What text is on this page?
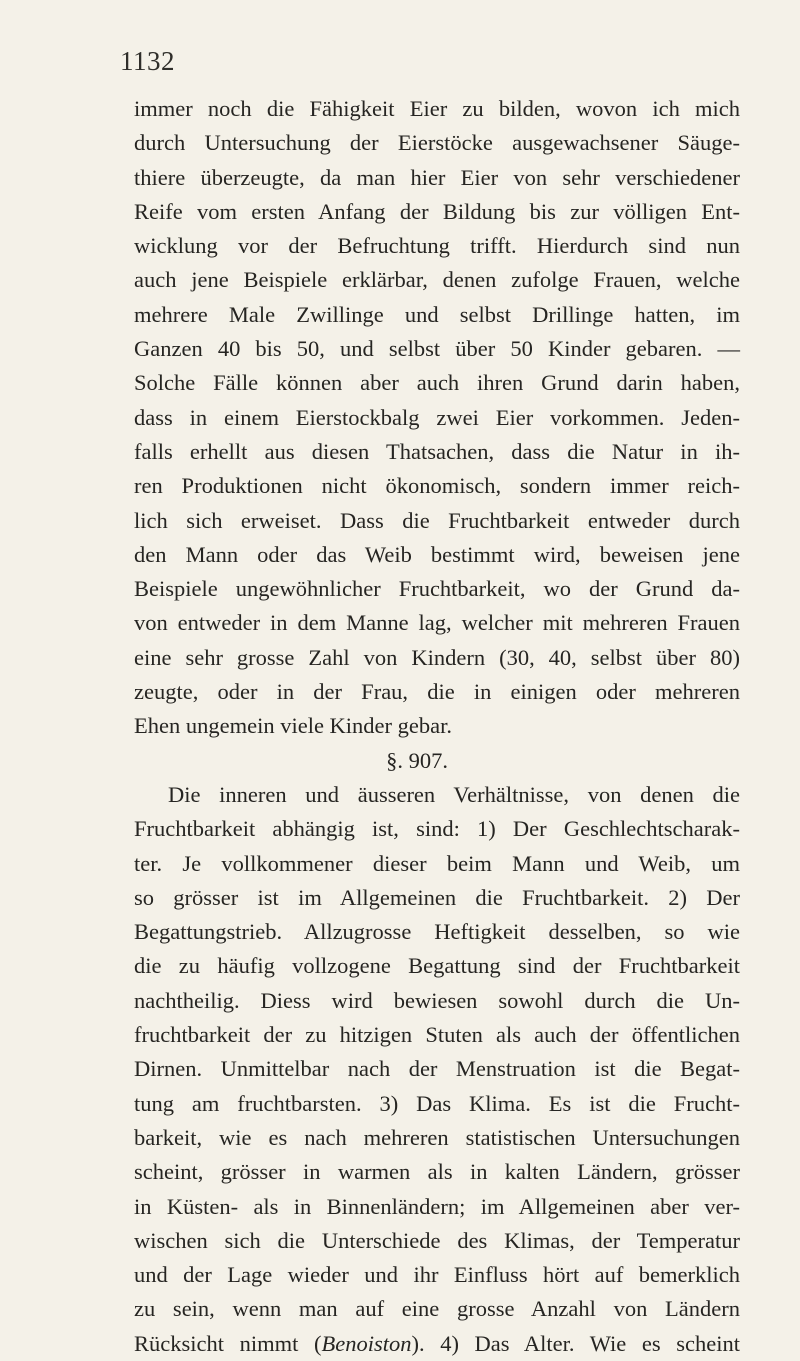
1132
immer noch die Fähigkeit Eier zu bilden, wovon ich mich
durch Untersuchung der Eierstöcke ausgewachsener Säuge-
thiere überzeugte, da man hier Eier von sehr verschiedener
Reife vom ersten Anfang der Bildung bis zur völligen Ent-
wicklung vor der Befruchtung trifft. Hierdurch sind nun
auch jene Beispiele erklärbar, denen zufolge Frauen, welche
mehrere Male Zwillinge und selbst Drillinge hatten, im
Ganzen 40 bis 50, und selbst über 50 Kinder gebaren. —
Solche Fälle können aber auch ihren Grund darin haben,
dass in einem Eierstockbalg zwei Eier vorkommen. Jeden-
falls erhellt aus diesen Thatsachen, dass die Natur in ih-
ren Produktionen nicht ökonomisch, sondern immer reich-
lich sich erweiset. Dass die Fruchtbarkeit entweder durch
den Mann oder das Weib bestimmt wird, beweisen jene
Beispiele ungewöhnlicher Fruchtbarkeit, wo der Grund da-
von entweder in dem Manne lag, welcher mit mehreren Frauen
eine sehr grosse Zahl von Kindern (30, 40, selbst über 80)
zeugte, oder in der Frau, die in einigen oder mehreren
Ehen ungemein viele Kinder gebar.
§. 907.
Die inneren und äusseren Verhältnisse, von denen die
Fruchtbarkeit abhängig ist, sind: 1) Der Geschlechtscharak-
ter. Je vollkommener dieser beim Mann und Weib, um
so grösser ist im Allgemeinen die Fruchtbarkeit. 2) Der
Begattungstrieb. Allzugrosse Heftigkeit desselben, so wie
die zu häufig vollzogene Begattung sind der Fruchtbarkeit
nachtheilig. Diess wird bewiesen sowohl durch die Un-
fruchtbarkeit der zu hitzigen Stuten als auch der öffentlichen
Dirnen. Unmittelbar nach der Menstruation ist die Begat-
tung am fruchtbarsten. 3) Das Klima. Es ist die Frucht-
barkeit, wie es nach mehreren statistischen Untersuchungen
scheint, grösser in warmen als in kalten Ländern, grösser
in Küsten- als in Binnenländern; im Allgemeinen aber ver-
wischen sich die Unterschiede des Klimas, der Temperatur
und der Lage wieder und ihr Einfluss hört auf bemerklich
zu sein, wenn man auf eine grosse Anzahl von Ländern
Rücksicht nimmt (Benoiston). 4) Das Alter. Wie es scheint
